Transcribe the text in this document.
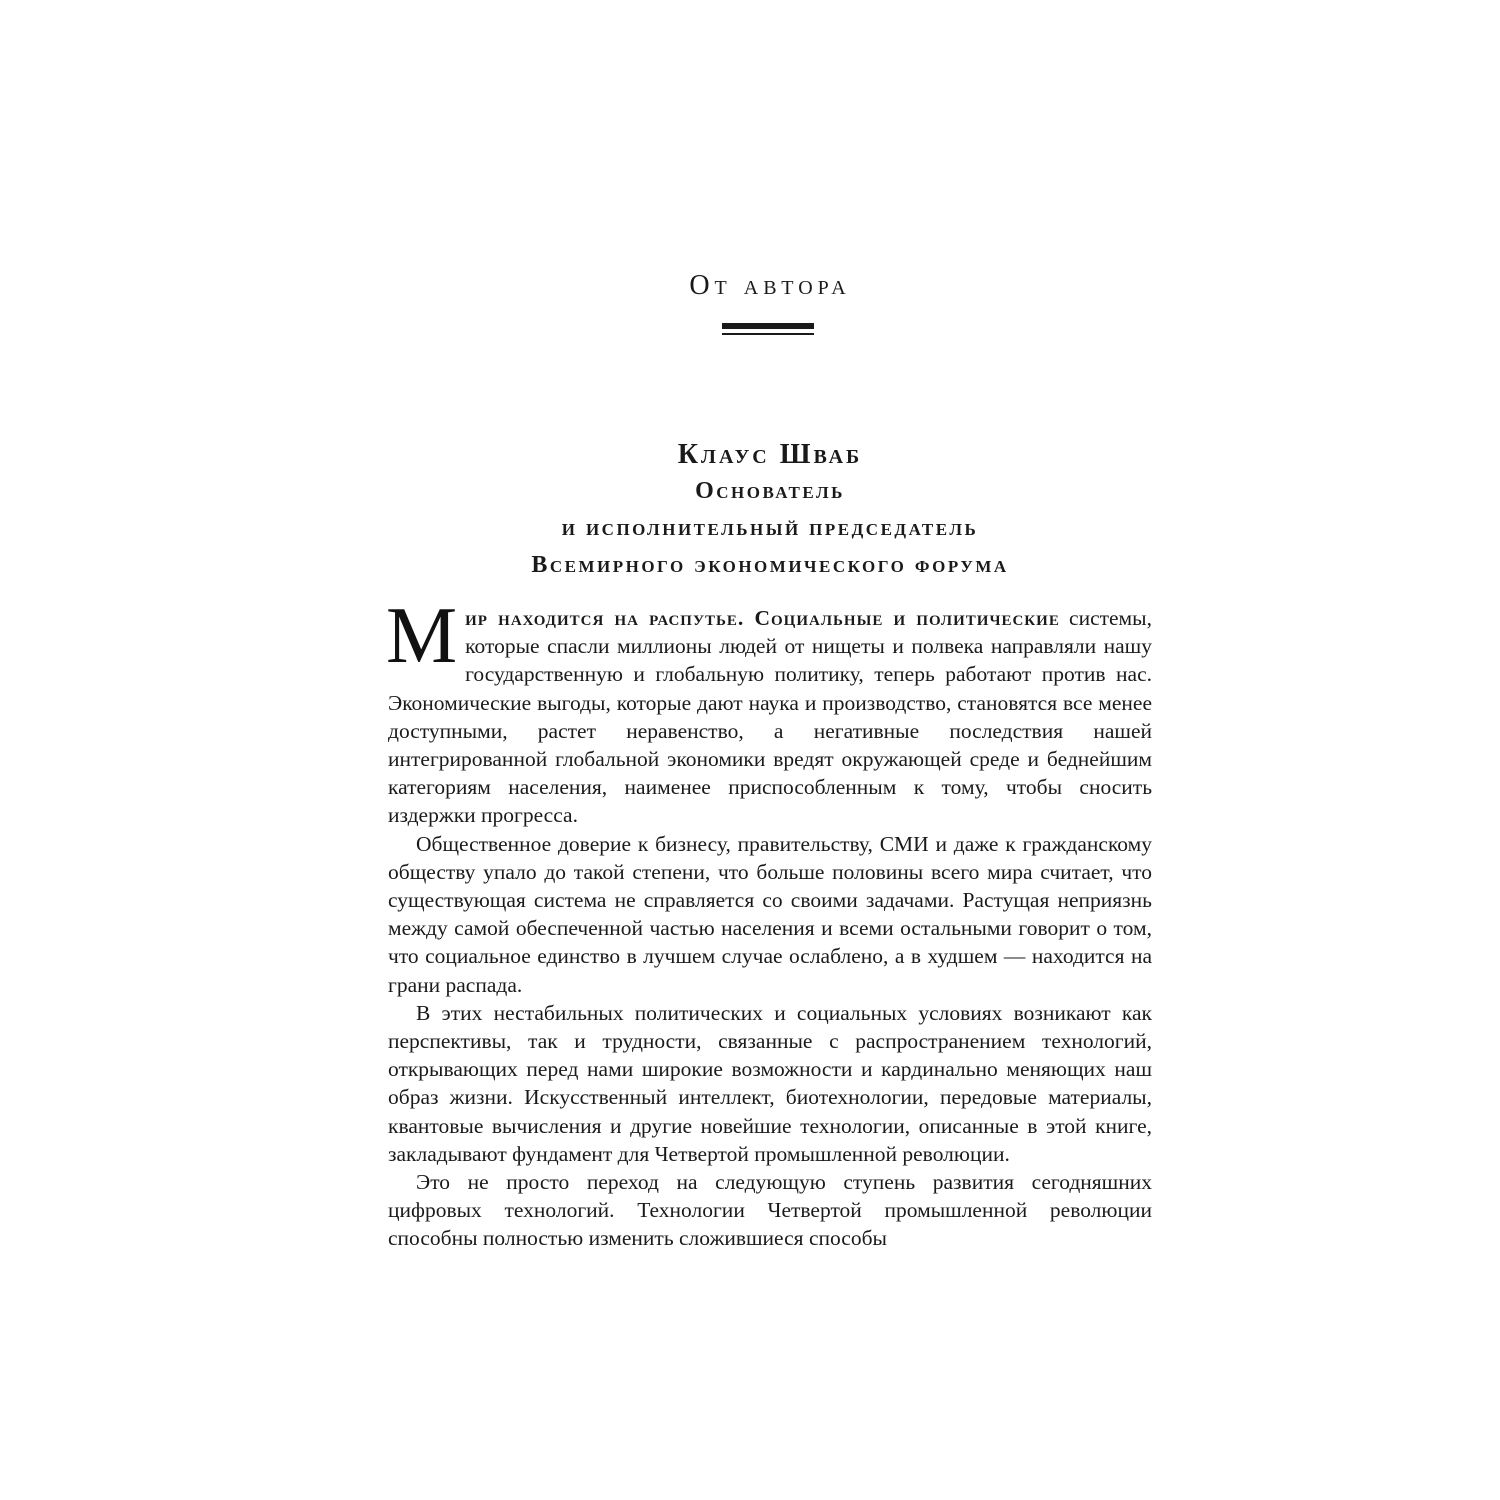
От автора
Клаус Шваб
Основатель
и исполнительный председатель
Всемирного экономического форума

Мир находится на распутье. Социальные и политические системы, которые спасли миллионы людей от нищеты и полвека направляли нашу государственную и глобальную политику, теперь работают против нас. Экономические выгоды, которые дают наука и производство, становятся все менее доступными, растет неравенство, а негативные последствия нашей интегрированной глобальной экономики вредят окружающей среде и беднейшим категориям населения, наименее приспособленным к тому, чтобы сносить издержки прогресса.

Общественное доверие к бизнесу, правительству, СМИ и даже к гражданскому обществу упало до такой степени, что больше половины всего мира считает, что существующая система не справляется со своими задачами. Растущая неприязнь между самой обеспеченной частью населения и всеми остальными говорит о том, что социальное единство в лучшем случае ослаблено, а в худшем — находится на грани распада.

В этих нестабильных политических и социальных условиях возникают как перспективы, так и трудности, связанные с распространением технологий, открывающих перед нами широкие возможности и кардинально меняющих наш образ жизни. Искусственный интеллект, биотехнологии, передовые материалы, квантовые вычисления и другие новейшие технологии, описанные в этой книге, закладывают фундамент для Четвертой промышленной революции.

Это не просто переход на следующую ступень развития сегодняшних цифровых технологий. Технологии Четвертой промышленной революции способны полностью изменить сложившиеся способы
